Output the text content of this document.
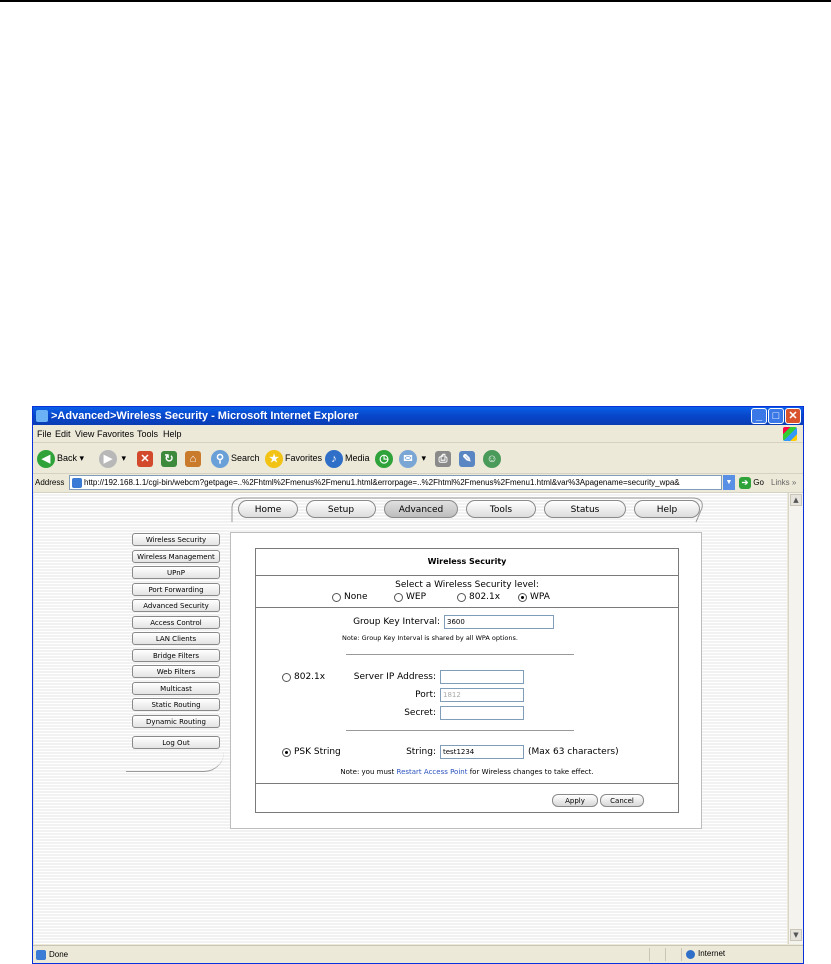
>Advanced>Wireless Security - Microsoft Internet Explorer	_ □ ✕
File Edit View Favorites Tools Help
◀ Back ▾	▶ ▾	✕	↻	⌂	⚲ Search ★ Favorites ♪ Media ◷	✉ ▾	⎙	✎	☺
Address	http://192.168.1.1/cgi-bin/webcm?getpage=..%2Fhtml%2Fmenus%2Fmenu1.html&errorpage=..%2Fhtml%2Fmenus%2Fmenu1.html&var%3Apagename=security_wpa&	▼	➔ Go Links »
Home	Setup	Advanced	Tools	Status	Help
Wireless Security
Wireless Management
UPnP
Port Forwarding
Advanced Security
Access Control
LAN Clients
Bridge Filters
Web Filters
Multicast
Static Routing
Dynamic Routing
Log Out
Wireless Security
Select a Wireless Security level:
None	WEP	802.1x	WPA
Group Key Interval:	3600
Note: Group Key Interval is shared by all WPA options.
802.1x	Server IP Address:
Port:	1812
Secret:
PSK String	String:	test1234	(Max 63 characters)
Note: you must Restart Access Point for Wireless changes to take effect.
Apply	Cancel
▲
▼
Done	Internet
